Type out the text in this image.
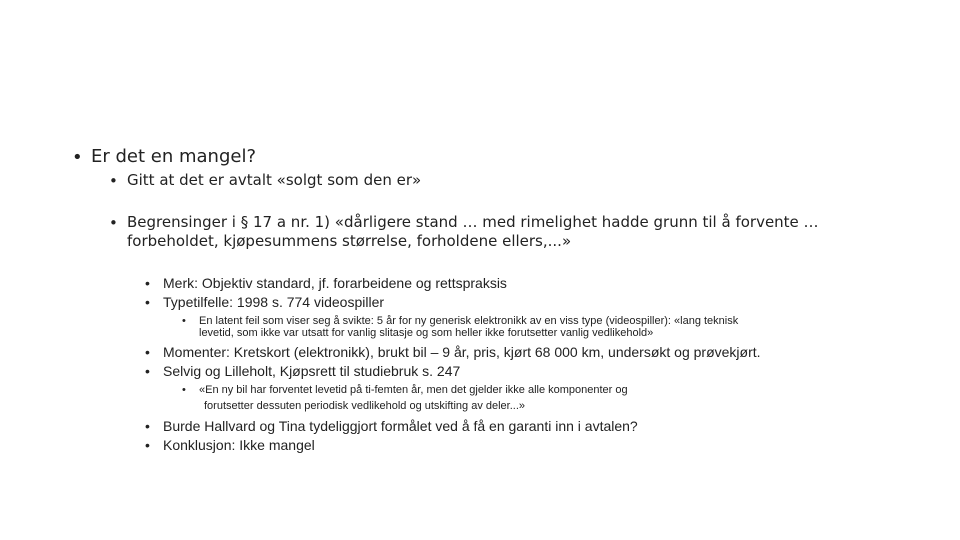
• Er det en mangel?
• Gitt at det er avtalt «solgt som den er»
• Begrensinger i § 17 a nr. 1) «dårligere stand … med rimelighet hadde grunn til å forvente …
forbeholdet, kjøpesummens størrelse, forholdene ellers,...»
• Merk: Objektiv standard, jf. forarbeidene og rettspraksis
• Typetilfelle: 1998 s. 774 videospiller
• En latent feil som viser seg å svikte: 5 år for ny generisk elektronikk av en viss type (videospiller): «lang teknisk
levetid, som ikke var utsatt for vanlig slitasje og som heller ikke forutsetter vanlig vedlikehold»
• Momenter: Kretskort (elektronikk), brukt bil – 9 år, pris, kjørt 68 000 km, undersøkt og prøvekjørt.
• Selvig og Lilleholt, Kjøpsrett til studiebruk s. 247
• «En ny bil har forventet levetid på ti-femten år, men det gjelder ikke alle komponenter og
forutsetter dessuten periodisk vedlikehold og utskifting av deler...»
• Burde Hallvard og Tina tydeliggjort formålet ved å få en garanti inn i avtalen?
• Konklusjon: Ikke mangel
